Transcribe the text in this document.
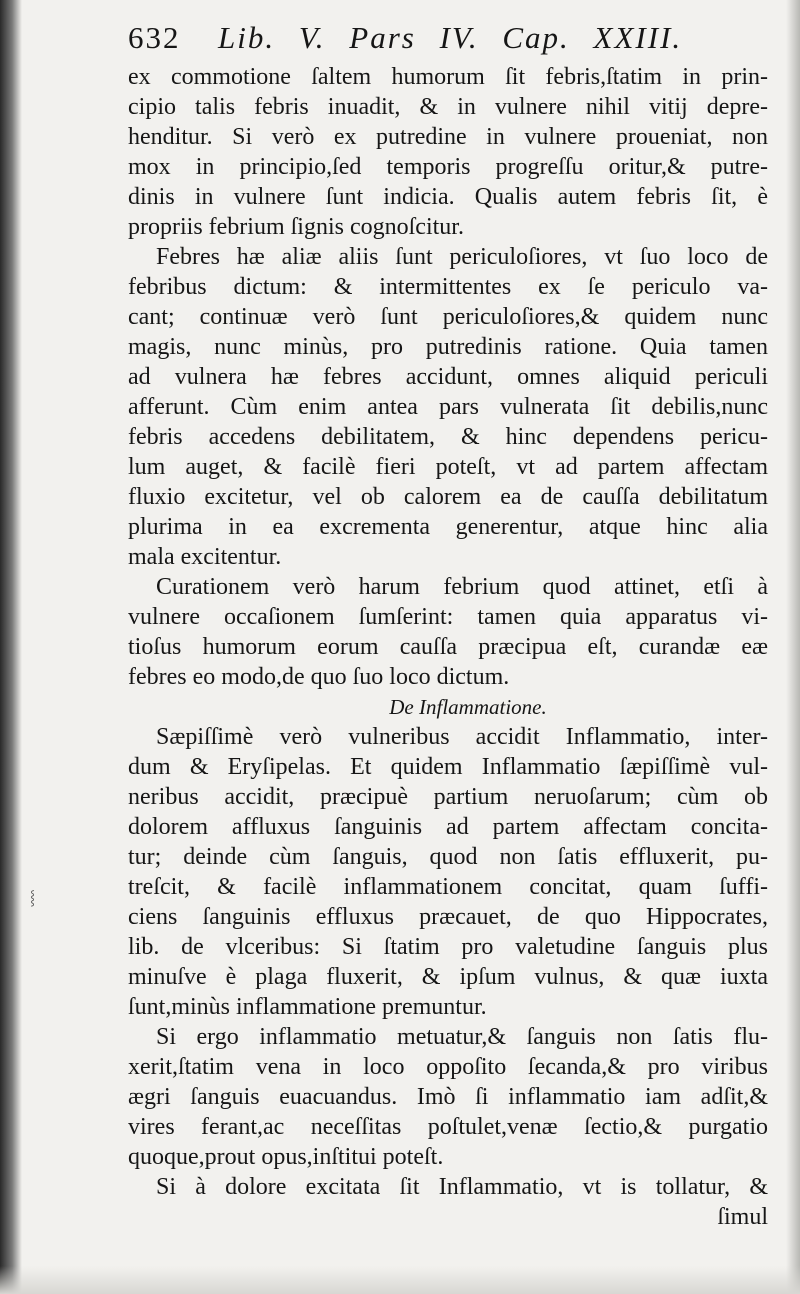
632 Lib. V. Pars IV. Cap. XXIII.
ex commotione ſaltem humorum ſit febris,ſtatim in prin-
cipio talis febris inuadit, & in vulnere nihil vitij depre-
henditur. Si verò ex putredine in vulnere proueniat, non
mox in principio,ſed temporis progreſſu oritur,& putre-
dinis in vulnere ſunt indicia. Qualis autem febris ſit, è
propriis febrium ſignis cognoſcitur.
Febres hæ aliæ aliis ſunt periculoſiores, vt ſuo loco de
febribus dictum: & intermittentes ex ſe periculo va-
cant; continuæ verò ſunt periculoſiores,& quidem nunc
magis, nunc minùs, pro putredinis ratione. Quia tamen
ad vulnera hæ febres accidunt, omnes aliquid periculi
afferunt. Cùm enim antea pars vulnerata ſit debilis,nunc
febris accedens debilitatem, & hinc dependens pericu-
lum auget, & facilè fieri poteſt, vt ad partem affectam
fluxio excitetur, vel ob calorem ea de cauſſa debilitatum
plurima in ea excrementa generentur, atque hinc alia
mala excitentur.
Curationem verò harum febrium quod attinet, etſi à
vulnere occaſionem ſumſerint: tamen quia apparatus vi-
tioſus humorum eorum cauſſa præcipua eſt, curandæ eæ
febres eo modo,de quo ſuo loco dictum.
De Inflammatione.
Sæpiſſimè verò vulneribus accidit Inflammatio, inter-
dum & Eryſipelas. Et quidem Inflammatio ſæpiſſimè vul-
neribus accidit, præcipuè partium neruoſarum; cùm ob
dolorem affluxus ſanguinis ad partem affectam concita-
tur; deinde cùm ſanguis, quod non ſatis effluxerit, pu-
treſcit, & facilè inflammationem concitat, quam ſuffi-
ciens ſanguinis effluxus præcauet, de quo Hippocrates,
lib. de vlceribus: Si ſtatim pro valetudine ſanguis plus
minuſve è plaga fluxerit, & ipſum vulnus, & quæ iuxta
ſunt,minùs inflammatione premuntur.
Si ergo inflammatio metuatur,& ſanguis non ſatis flu-
xerit,ſtatim vena in loco oppoſito ſecanda,& pro viribus
ægri ſanguis euacuandus. Imò ſi inflammatio iam adſit,&
vires ferant,ac neceſſitas poſtulet,venæ ſectio,& purgatio
quoque,prout opus,inſtitui poteſt.
Si à dolore excitata ſit Inflammatio, vt is tollatur, &
ſimul
⸾
